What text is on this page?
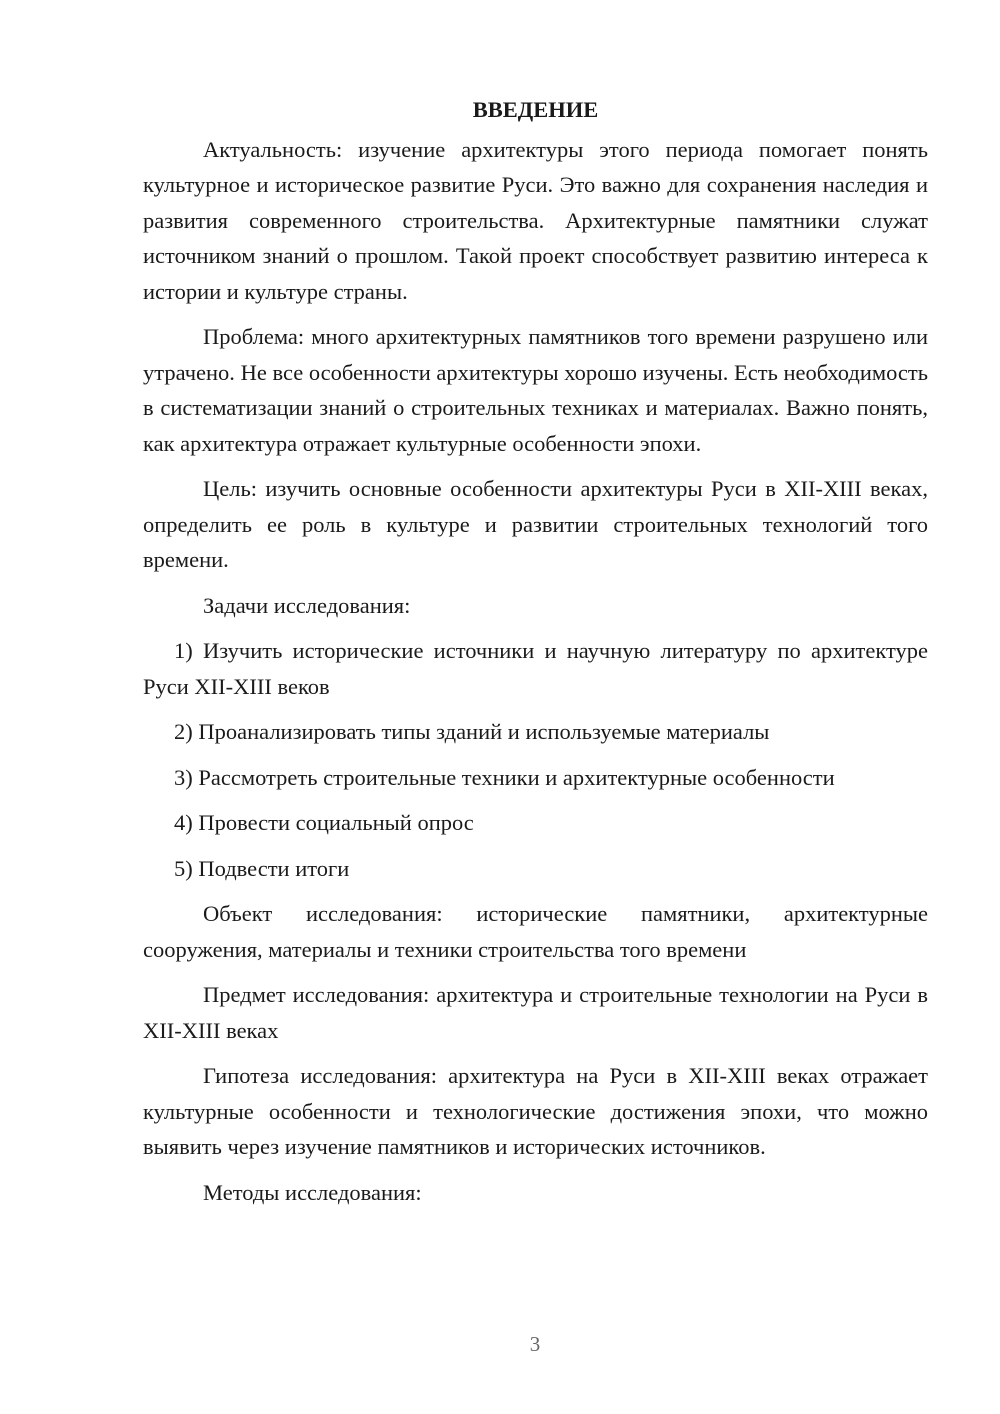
ВВЕДЕНИЕ

Актуальность: изучение архитектуры этого периода помогает понять культурное и историческое развитие Руси. Это важно для сохранения наследия и развития современного строительства. Архитектурные памятники служат источником знаний о прошлом. Такой проект способствует развитию интереса к истории и культуре страны.

Проблема: много архитектурных памятников того времени разрушено или утрачено. Не все особенности архитектуры хорошо изучены. Есть необходимость в систематизации знаний о строительных техниках и материалах. Важно понять, как архитектура отражает культурные особенности эпохи.

Цель: изучить основные особенности архитектуры Руси в XII-XIII веках, определить ее роль в культуре и развитии строительных технологий того времени.

Задачи исследования:

1) Изучить исторические источники и научную литературу по архитектуре Руси XII-XIII веков

2) Проанализировать типы зданий и используемые материалы

3) Рассмотреть строительные техники и архитектурные особенности

4) Провести социальный опрос

5) Подвести итоги

Объект исследования: исторические памятники, архитектурные сооружения, материалы и техники строительства того времени

Предмет исследования: архитектура и строительные технологии на Руси в XII-XIII веках

Гипотеза исследования: архитектура на Руси в XII-XIII веках отражает культурные особенности и технологические достижения эпохи, что можно выявить через изучение памятников и исторических источников.

Методы исследования:

3
